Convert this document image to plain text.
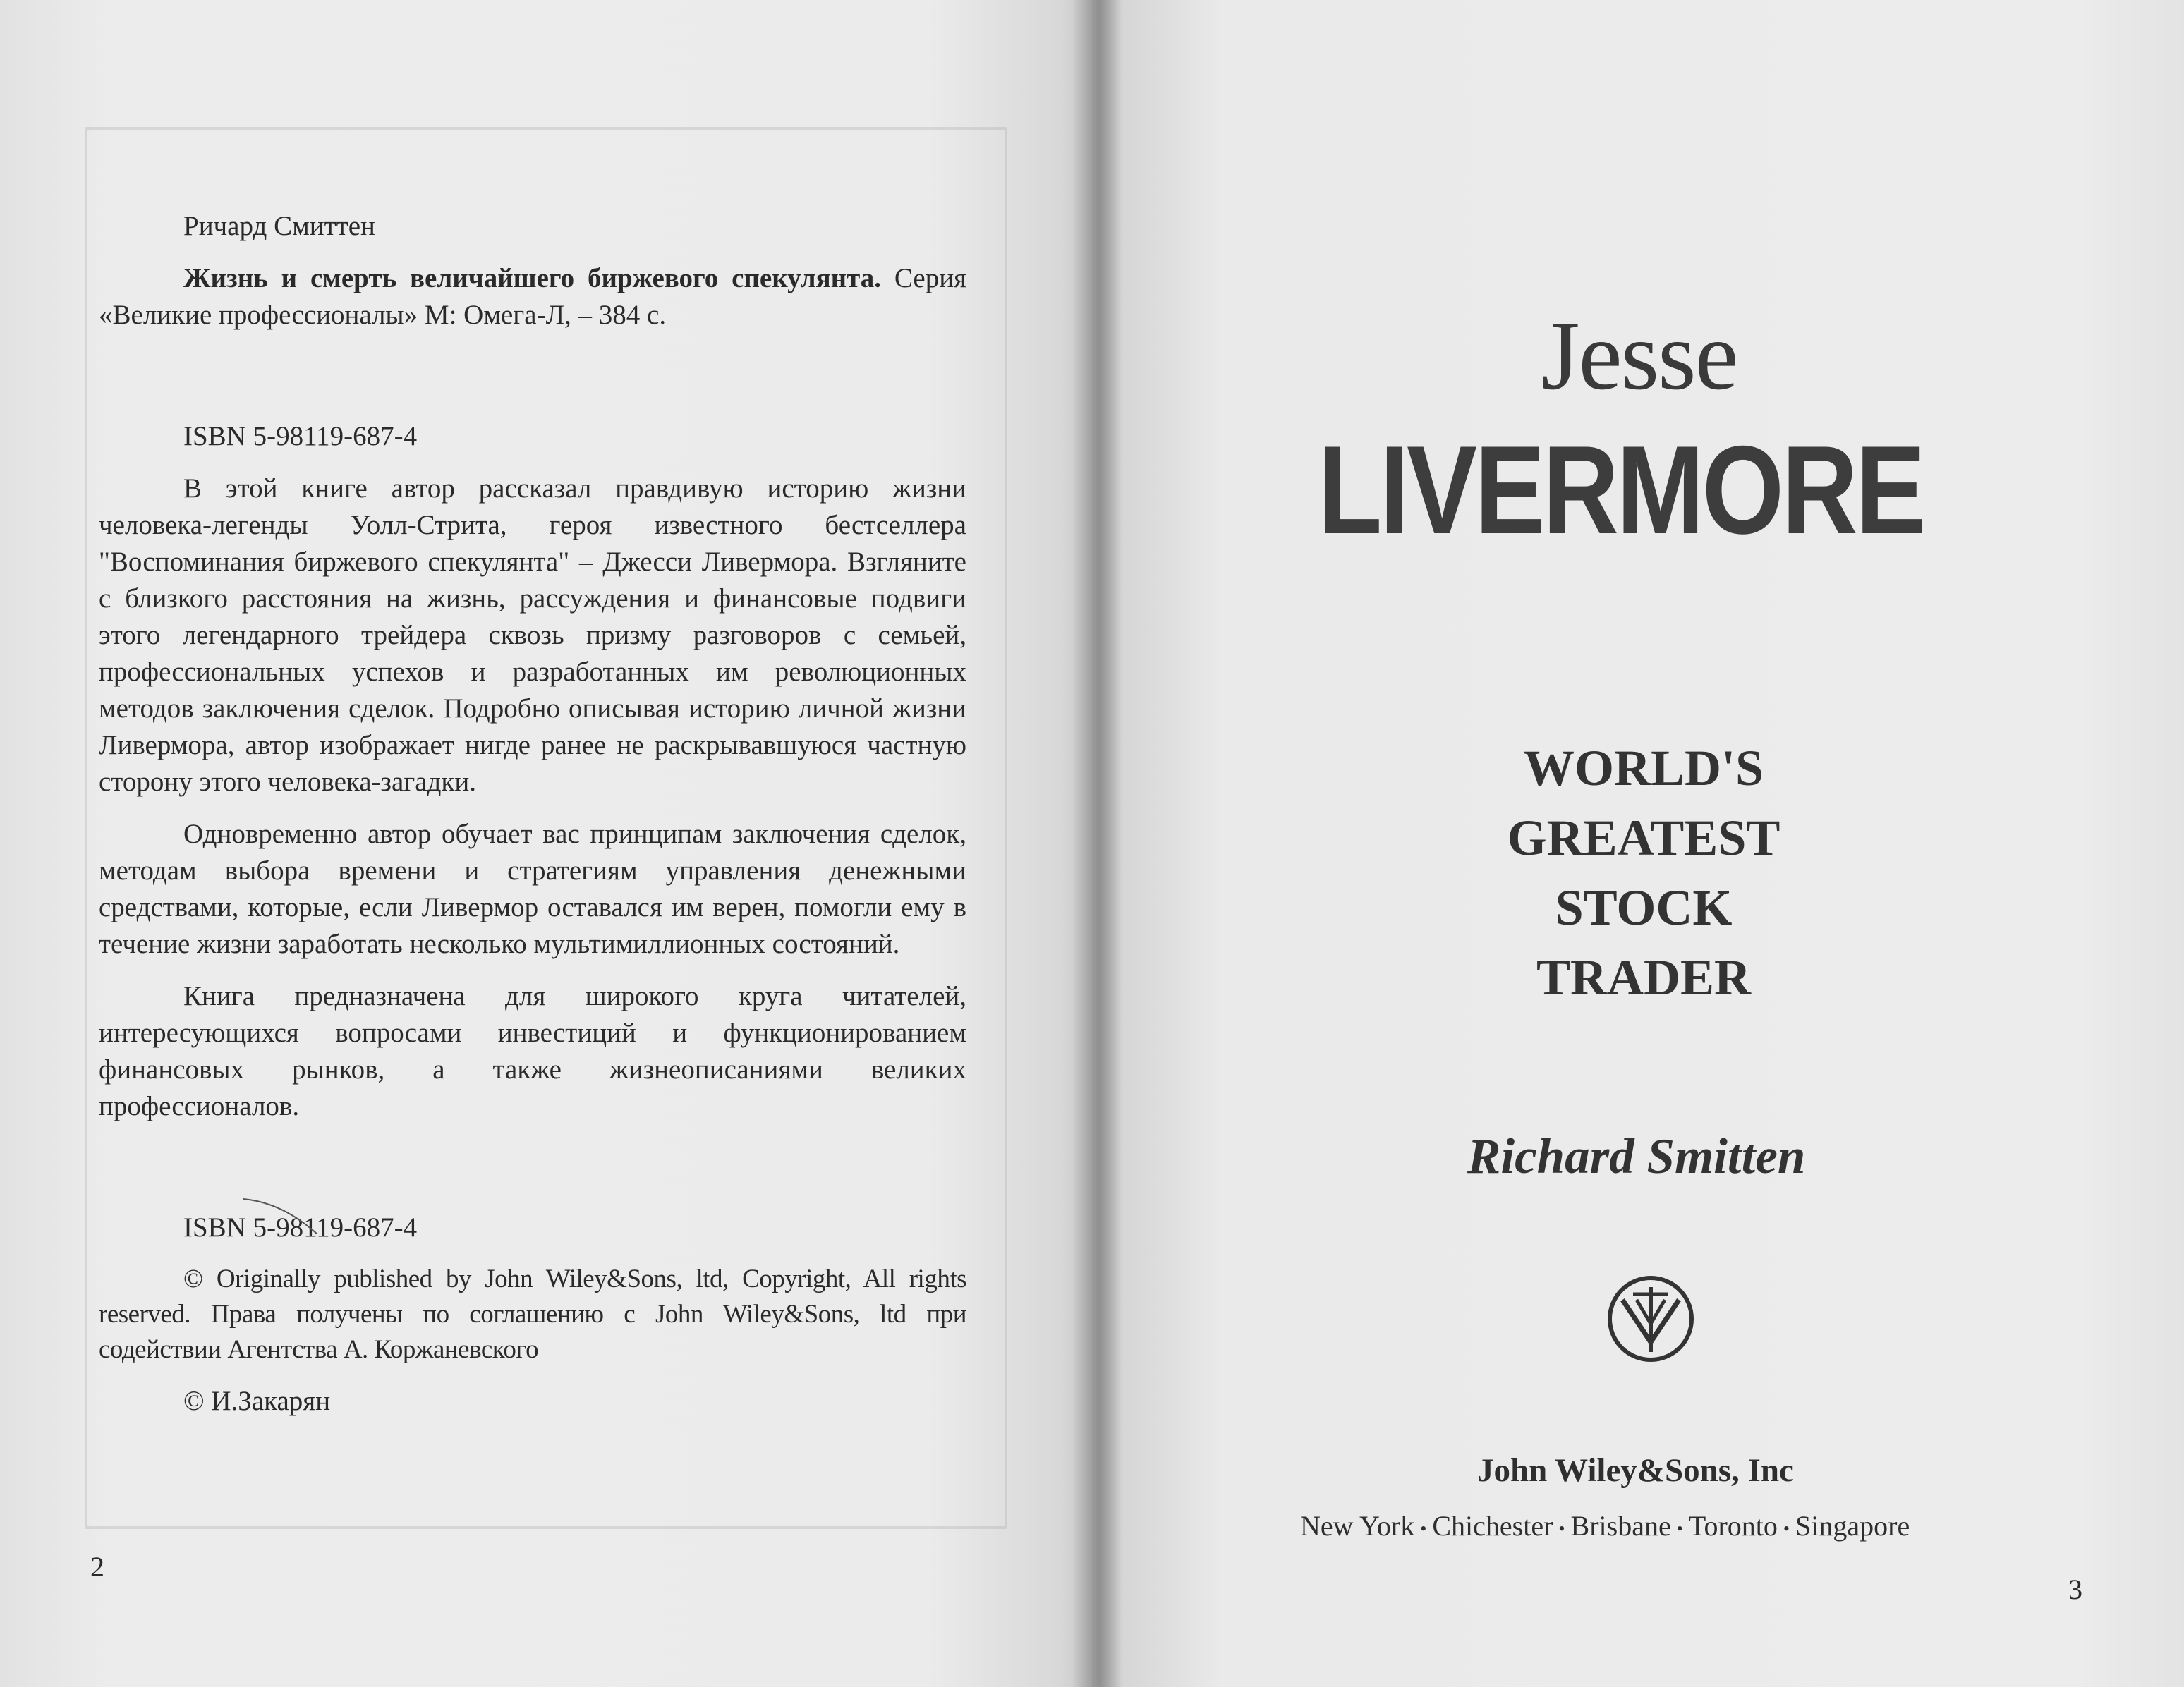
Ричард Смиттен

Жизнь и смерть величайшего биржевого спекулянта. Серия «Великие профессионалы» М: Омега-Л, – 384 с.

ISBN 5-98119-687-4

В этой книге автор рассказал правдивую историю жизни человека-легенды Уолл-Стрита, героя известного бестселлера "Воспоминания биржевого спекулянта" – Джесси Ливермора. Взгляните с близкого расстояния на жизнь, рассуждения и финансовые подвиги этого легендарного трейдера сквозь призму разговоров с семьей, профессиональных успехов и разработанных им революционных методов заключения сделок. Подробно описывая историю личной жизни Ливермора, автор изображает нигде ранее не раскрывавшуюся частную сторону этого человека-загадки.

Одновременно автор обучает вас принципам заключения сделок, методам выбора времени и стратегиям управления денежными средствами, которые, если Ливермор оставался им верен, помогли ему в течение жизни заработать несколько мультимиллионных состояний.

Книга предназначена для широкого круга читателей, интересующихся вопросами инвестиций и функционированием финансовых рынков, а также жизнеописаниями великих профессионалов.

ISBN 5-98119-687-4

© Originally published by John Wiley&Sons, ltd, Copyright, All rights reserved. Права получены по соглашению с John Wiley&Sons, ltd при содействии Агентства А. Коржаневского

© И.Закарян

2
Jesse
LIVERMORE
WORLD'S
GREATEST
STOCK
TRADER
Richard Smitten
John Wiley&Sons, Inc
New York • Chichester • Brisbane • Toronto • Singapore
3
